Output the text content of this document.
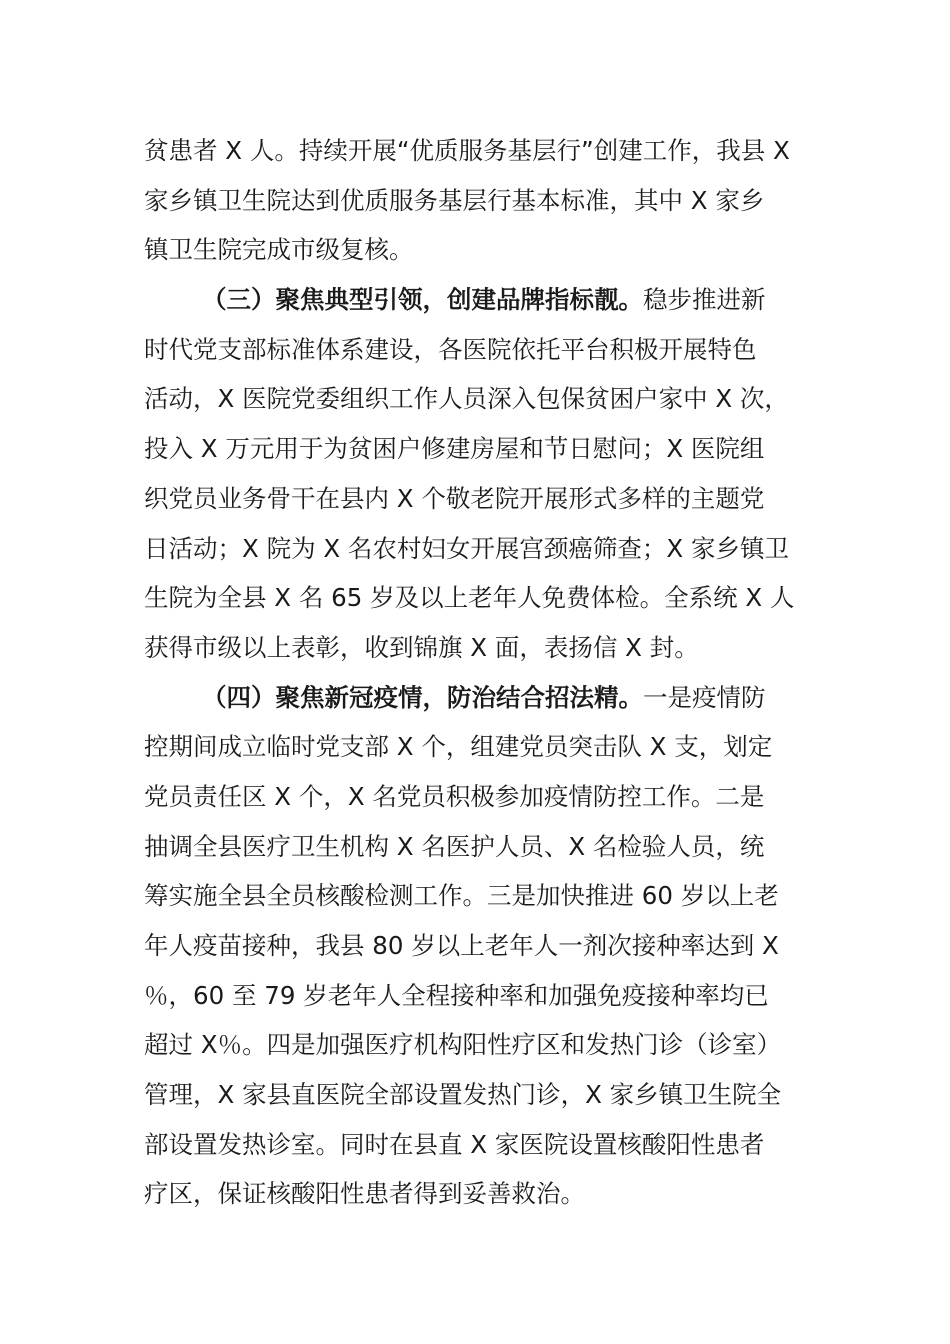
贫患者 X 人。持续开展“优质服务基层行”创建工作，我县 X
家乡镇卫生院达到优质服务基层行基本标准，其中 X 家乡
镇卫生院完成市级复核。
（三）聚焦典型引领，创建品牌指标靓。稳步推进新
时代党支部标准体系建设，各医院依托平台积极开展特色
活动，X 医院党委组织工作人员深入包保贫困户家中 X 次，
投入 X 万元用于为贫困户修建房屋和节日慰问；X 医院组
织党员业务骨干在县内 X 个敬老院开展形式多样的主题党
日活动；X 院为 X 名农村妇女开展宫颈癌筛查；X 家乡镇卫
生院为全县 X 名 65 岁及以上老年人免费体检。全系统 X 人
获得市级以上表彰，收到锦旗 X 面，表扬信 X 封。
（四）聚焦新冠疫情，防治结合招法精。一是疫情防
控期间成立临时党支部 X 个，组建党员突击队 X 支，划定
党员责任区 X 个，X 名党员积极参加疫情防控工作。二是
抽调全县医疗卫生机构 X 名医护人员、X 名检验人员，统
筹实施全县全员核酸检测工作。三是加快推进 60 岁以上老
年人疫苗接种，我县 80 岁以上老年人一剂次接种率达到 X
％，60 至 79 岁老年人全程接种率和加强免疫接种率均已
超过 X％。四是加强医疗机构阳性疗区和发热门诊（诊室）
管理，X 家县直医院全部设置发热门诊，X 家乡镇卫生院全
部设置发热诊室。同时在县直 X 家医院设置核酸阳性患者
疗区，保证核酸阳性患者得到妥善救治。
